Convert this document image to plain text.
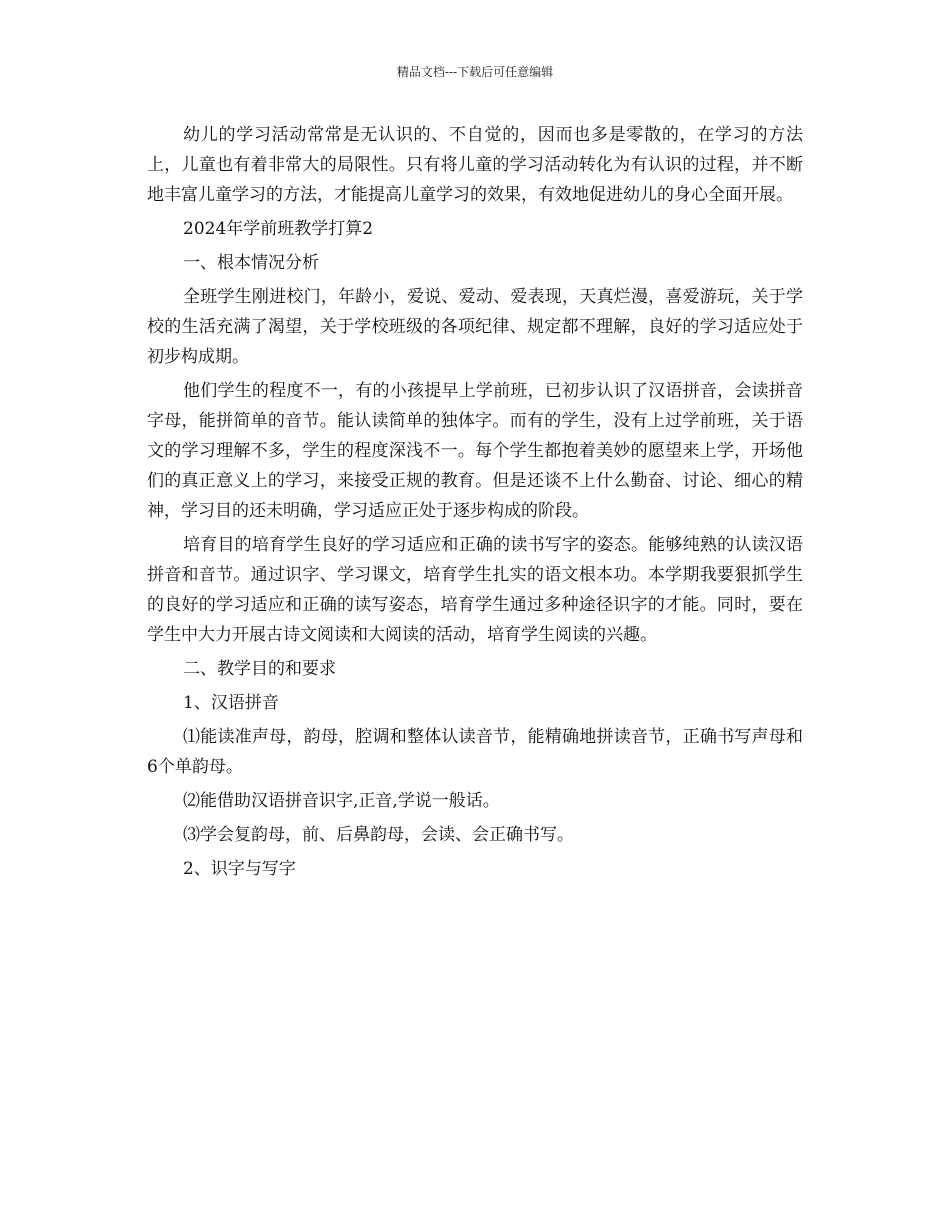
精品文档---下载后可任意编辑

幼儿的学习活动常常是无认识的、不自觉的，因而也多是零散的，在学习的方法上，儿童也有着非常大的局限性。只有将儿童的学习活动转化为有认识的过程，并不断地丰富儿童学习的方法，才能提高儿童学习的效果，有效地促进幼儿的身心全面开展。

2024年学前班教学打算2

一、根本情况分析

全班学生刚进校门，年龄小，爱说、爱动、爱表现，天真烂漫，喜爱游玩，关于学校的生活充满了渴望，关于学校班级的各项纪律、规定都不理解，良好的学习适应处于初步构成期。

他们学生的程度不一，有的小孩提早上学前班，已初步认识了汉语拼音，会读拼音字母，能拼简单的音节。能认读简单的独体字。而有的学生，没有上过学前班，关于语文的学习理解不多，学生的程度深浅不一。每个学生都抱着美妙的愿望来上学，开场他们的真正意义上的学习，来接受正规的教育。但是还谈不上什么勤奋、讨论、细心的精神，学习目的还未明确，学习适应正处于逐步构成的阶段。

培育目的培育学生良好的学习适应和正确的读书写字的姿态。能够纯熟的认读汉语拼音和音节。通过识字、学习课文，培育学生扎实的语文根本功。本学期我要狠抓学生的良好的学习适应和正确的读写姿态，培育学生通过多种途径识字的才能。同时，要在学生中大力开展古诗文阅读和大阅读的活动，培育学生阅读的兴趣。

二、教学目的和要求

1、汉语拼音

⑴能读准声母，韵母，腔调和整体认读音节，能精确地拼读音节，正确书写声母和6个单韵母。

⑵能借助汉语拼音识字,正音,学说一般话。

⑶学会复韵母，前、后鼻韵母，会读、会正确书写。

2、识字与写字
